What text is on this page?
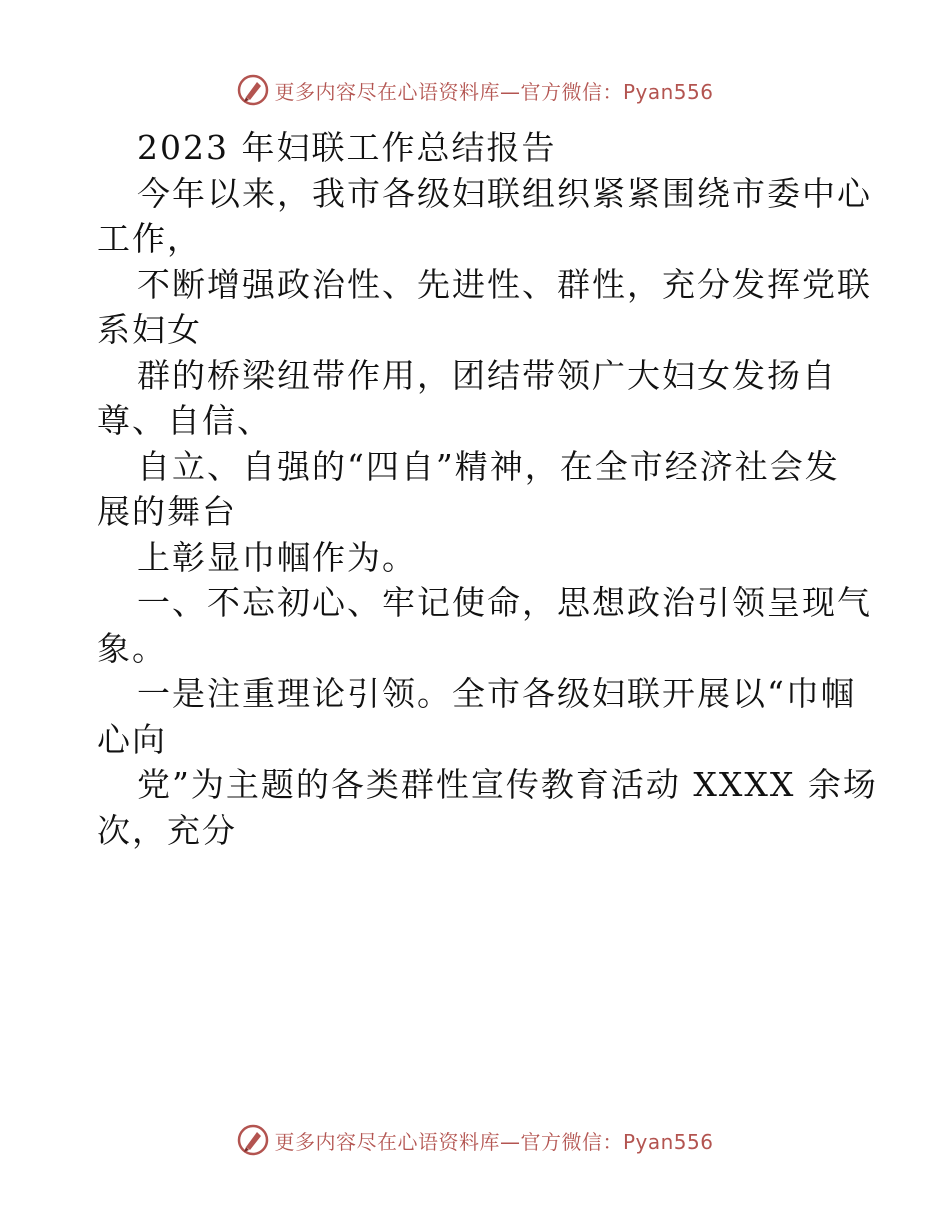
更多内容尽在心语资料库—官方微信：Pyan556
2023 年妇联工作总结报告
今年以来，我市各级妇联组织紧紧围绕市委中心
工作，
不断增强政治性、先进性、群性，充分发挥党联
系妇女
群的桥梁纽带作用，团结带领广大妇女发扬自
尊、自信、
自立、自强的“四自”精神，在全市经济社会发
展的舞台
上彰显巾帼作为。
一、不忘初心、牢记使命，思想政治引领呈现气
象。
一是注重理论引领。全市各级妇联开展以“巾帼
心向
党”为主题的各类群性宣传教育活动 XXXX 余场
次，充分
更多内容尽在心语资料库—官方微信：Pyan556
